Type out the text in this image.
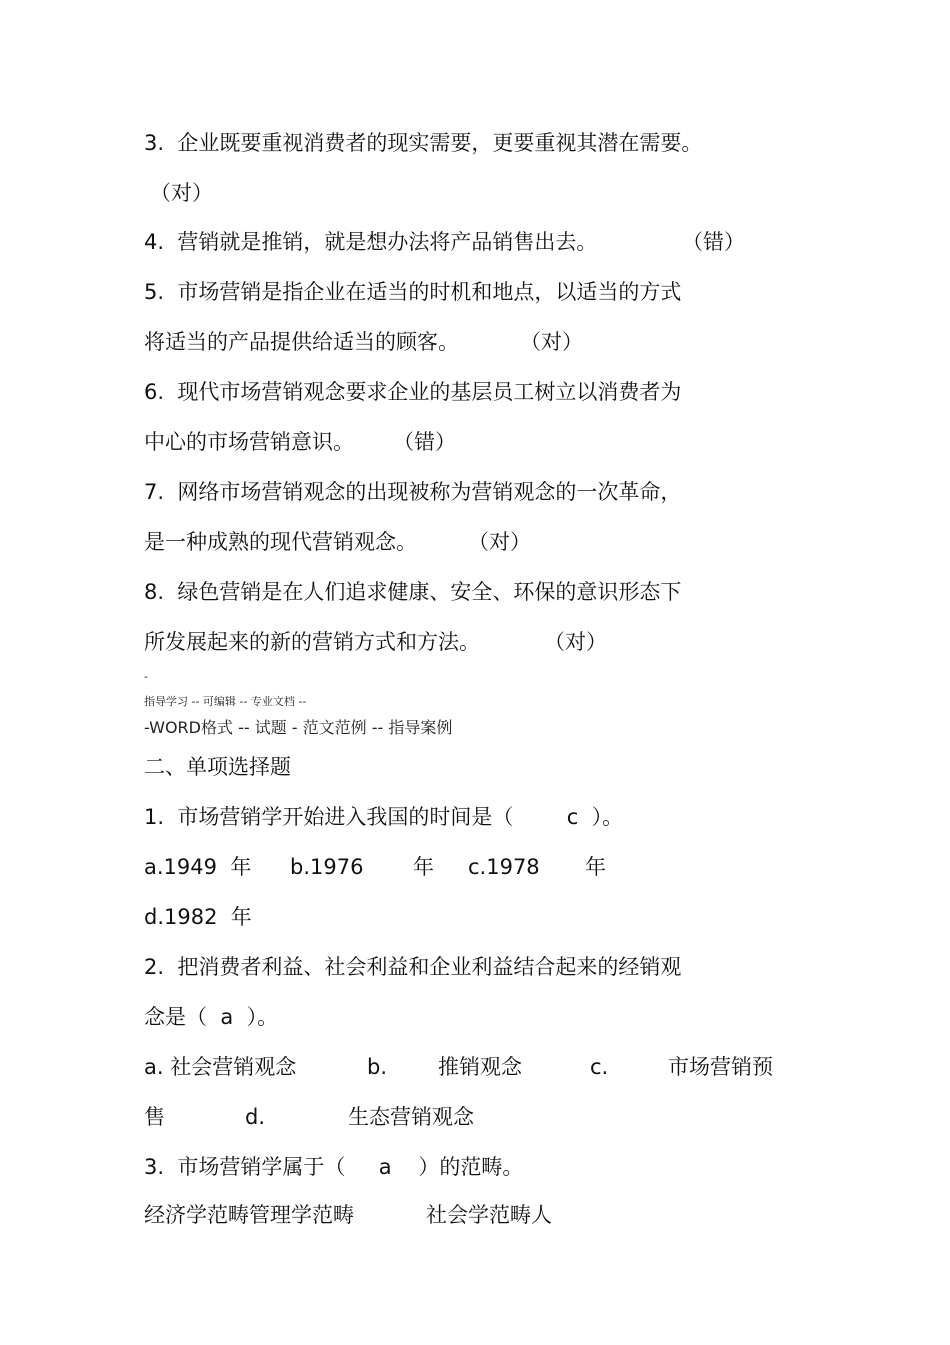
3.  企业既要重视消费者的现实需要，更要重视其潜在需要。
（对）
4.  营销就是推销，就是想办法将产品销售出去。	（错）
5.  市场营销是指企业在适当的时机和地点，以适当的方式
将适当的产品提供给适当的顾客。	（对）
6.  现代市场营销观念要求企业的基层员工树立以消费者为
中心的市场营销意识。 （错）
7.  网络市场营销观念的出现被称为营销观念的一次革命，
是一种成熟的现代营销观念。 （对）
8.  绿色营销是在人们追求健康、安全、环保的意识形态下
所发展起来的新的营销方式和方法。	（对）
-
指导学习 -- 可编辑 -- 专业文档 --
-WORD格式 -- 试题 - 范文范例 -- 指导案例
二、单项选择题
1.  市场营销学开始进入我国的时间是（        c  ）。
a.1949  年 b.1976 年 c.1978 年
d.1982  年
2.  把消费者利益、社会利益和企业利益结合起来的经销观
念是（  a  ）。
a. 社会营销观念	b. 推销观念	c.	市场营销预
售	d.	生态营销观念
3.  市场营销学属于（     a    ）的范畴。
经济学范畴管理学范畴	社会学范畴人
